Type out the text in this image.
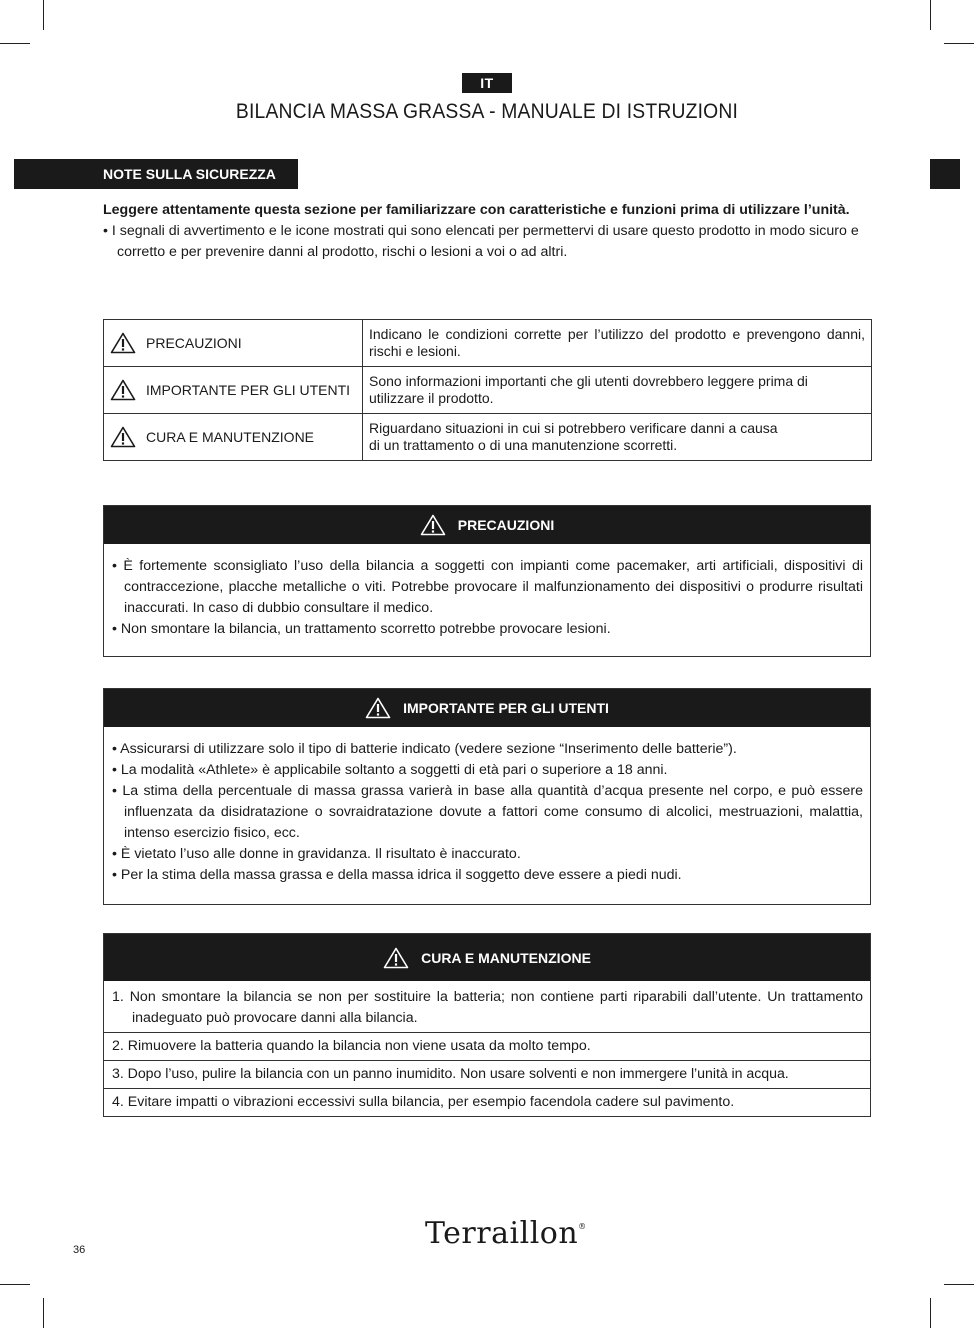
IT
BILANCIA MASSA GRASSA - MANUALE DI ISTRUZIONI
NOTE SULLA SICUREZZA
Leggere attentamente questa sezione per familiarizzare con caratteristiche e funzioni prima di utilizzare l’unità.
• I segnali di avvertimento e le icone mostrati qui sono elencati per permettervi di usare questo prodotto in modo sicuro e corretto e per prevenire danni al prodotto, rischi o lesioni a voi o ad altri.
PRECAUZIONI	Indicano le condizioni corrette per l’utilizzo del prodotto e prevengono danni, rischi e lesioni.

IMPORTANTE PER GLI UTENTI	Sono informazioni importanti che gli utenti dovrebbero leggere prima di utilizzare il prodotto.

CURA E MANUTENZIONE	Riguardano situazioni in cui si potrebbero verificare danni a causa
di un trattamento o di una manutenzione scorretti.
PRECAUZIONI

• È fortemente sconsigliato l’uso della bilancia a soggetti con impianti come pacemaker, arti artificiali, dispositivi di contraccezione, placche metalliche o viti. Potrebbe provocare il malfunzionamento dei dispositivi o produrre risultati inaccurati. In caso di dubbio consultare il medico.

• Non smontare la bilancia, un trattamento scorretto potrebbe provocare lesioni.

IMPORTANTE PER GLI UTENTI

• Assicurarsi di utilizzare solo il tipo di batterie indicato (vedere sezione “Inserimento delle batterie”).

• La modalità «Athlete» è applicabile soltanto a soggetti di età pari o superiore a 18 anni.

• La stima della percentuale di massa grassa varierà in base alla quantità d’acqua presente nel corpo, e può essere influenzata da disidratazione o sovraidratazione dovute a fattori come consumo di alcolici, mestruazioni, malattia, intenso esercizio fisico, ecc.

• È vietato l’uso alle donne in gravidanza. Il risultato è inaccurato.

• Per la stima della massa grassa e della massa idrica il soggetto deve essere a piedi nudi.

CURA E MANUTENZIONE
1. Non smontare la bilancia se non per sostituire la batteria; non contiene parti riparabili dall’utente. Un trattamento inadeguato può provocare danni alla bilancia.
2. Rimuovere la batteria quando la bilancia non viene usata da molto tempo.
3. Dopo l’uso, pulire la bilancia con un panno inumidito. Non usare solventi e non immergere l’unità in acqua.
4. Evitare impatti o vibrazioni eccessivi sulla bilancia, per esempio facendola cadere sul pavimento.
36	Terraillon®
